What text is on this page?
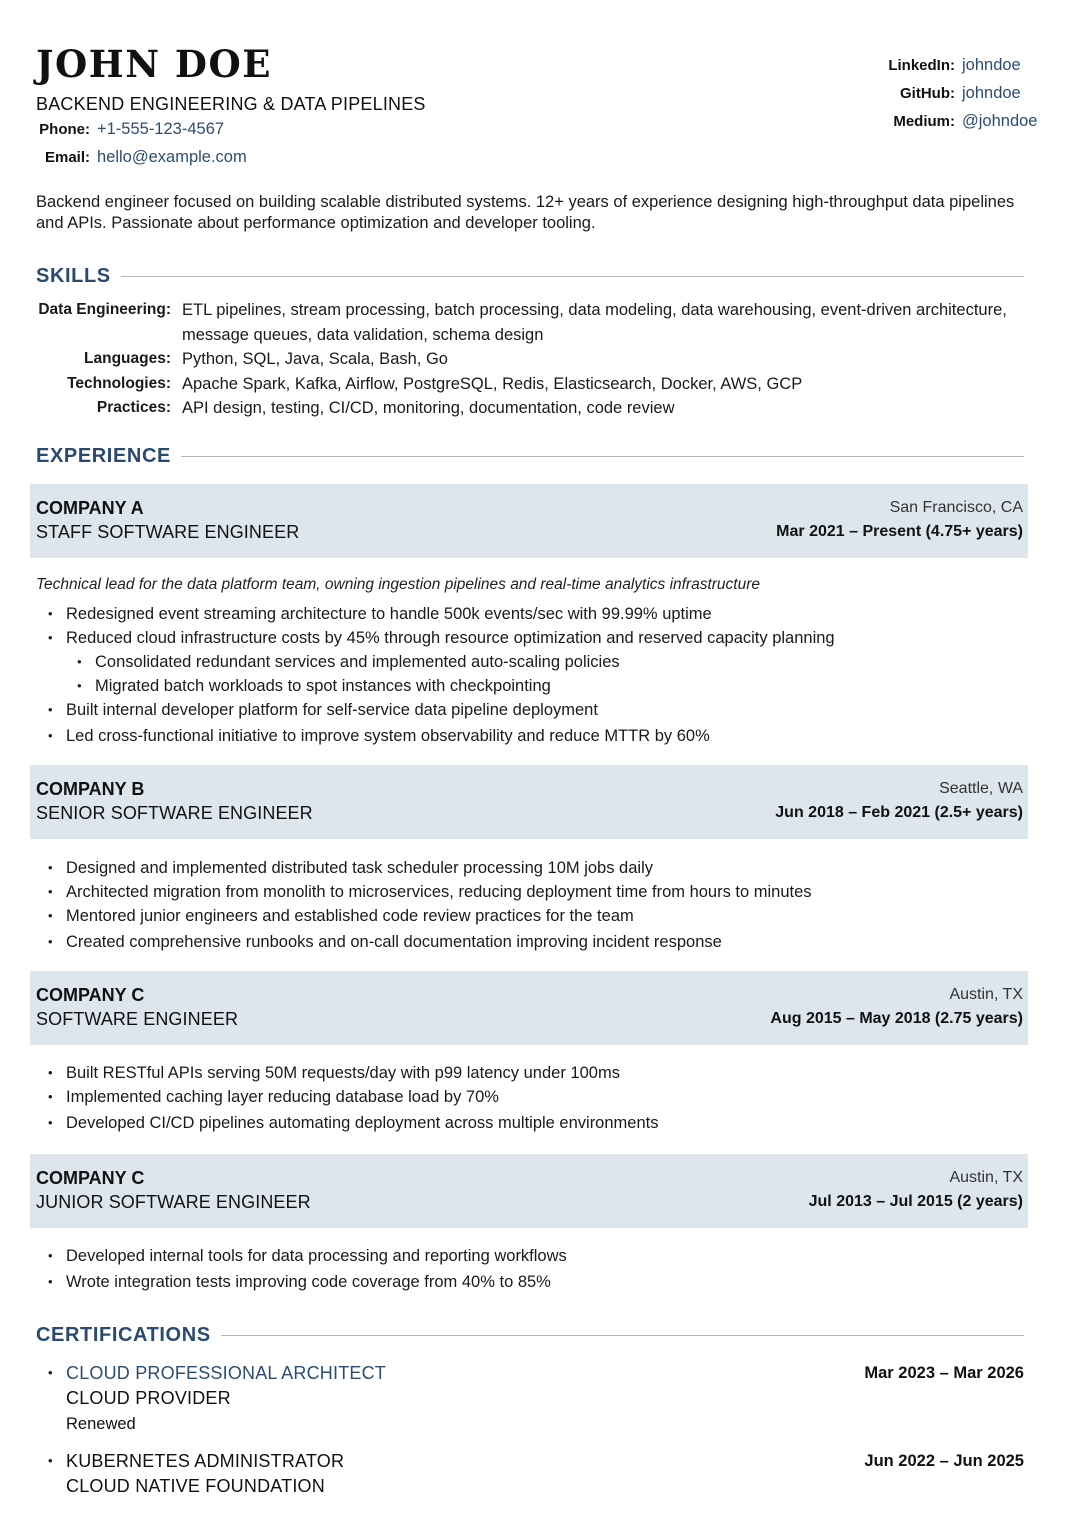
JOHN DOE
BACKEND ENGINEERING & DATA PIPELINES
Phone: +1-555-123-4567
Email: hello@example.com
LinkedIn: johndoe
GitHub: johndoe
Medium: @johndoe
Backend engineer focused on building scalable distributed systems. 12+ years of experience designing high-throughput data pipelines and APIs. Passionate about performance optimization and developer tooling.
SKILLS
Data Engineering: ETL pipelines, stream processing, batch processing, data modeling, data warehousing, event-driven architecture, message queues, data validation, schema design
Languages: Python, SQL, Java, Scala, Bash, Go
Technologies: Apache Spark, Kafka, Airflow, PostgreSQL, Redis, Elasticsearch, Docker, AWS, GCP
Practices: API design, testing, CI/CD, monitoring, documentation, code review
EXPERIENCE
COMPANY A
STAFF SOFTWARE ENGINEER
San Francisco, CA
Mar 2021 – Present (4.75+ years)
Technical lead for the data platform team, owning ingestion pipelines and real-time analytics infrastructure
• Redesigned event streaming architecture to handle 500k events/sec with 99.99% uptime
• Reduced cloud infrastructure costs by 45% through resource optimization and reserved capacity planning
• Consolidated redundant services and implemented auto-scaling policies
• Migrated batch workloads to spot instances with checkpointing
• Built internal developer platform for self-service data pipeline deployment
• Led cross-functional initiative to improve system observability and reduce MTTR by 60%
COMPANY B
SENIOR SOFTWARE ENGINEER
Seattle, WA
Jun 2018 – Feb 2021 (2.5+ years)
• Designed and implemented distributed task scheduler processing 10M jobs daily
• Architected migration from monolith to microservices, reducing deployment time from hours to minutes
• Mentored junior engineers and established code review practices for the team
• Created comprehensive runbooks and on-call documentation improving incident response
COMPANY C
SOFTWARE ENGINEER
Austin, TX
Aug 2015 – May 2018 (2.75 years)
• Built RESTful APIs serving 50M requests/day with p99 latency under 100ms
• Implemented caching layer reducing database load by 70%
• Developed CI/CD pipelines automating deployment across multiple environments
COMPANY C
JUNIOR SOFTWARE ENGINEER
Austin, TX
Jul 2013 – Jul 2015 (2 years)
• Developed internal tools for data processing and reporting workflows
• Wrote integration tests improving code coverage from 40% to 85%
CERTIFICATIONS
• CLOUD PROFESSIONAL ARCHITECT
CLOUD PROVIDER
Renewed
Mar 2023 – Mar 2026
• KUBERNETES ADMINISTRATOR
CLOUD NATIVE FOUNDATION
Jun 2022 – Jun 2025
